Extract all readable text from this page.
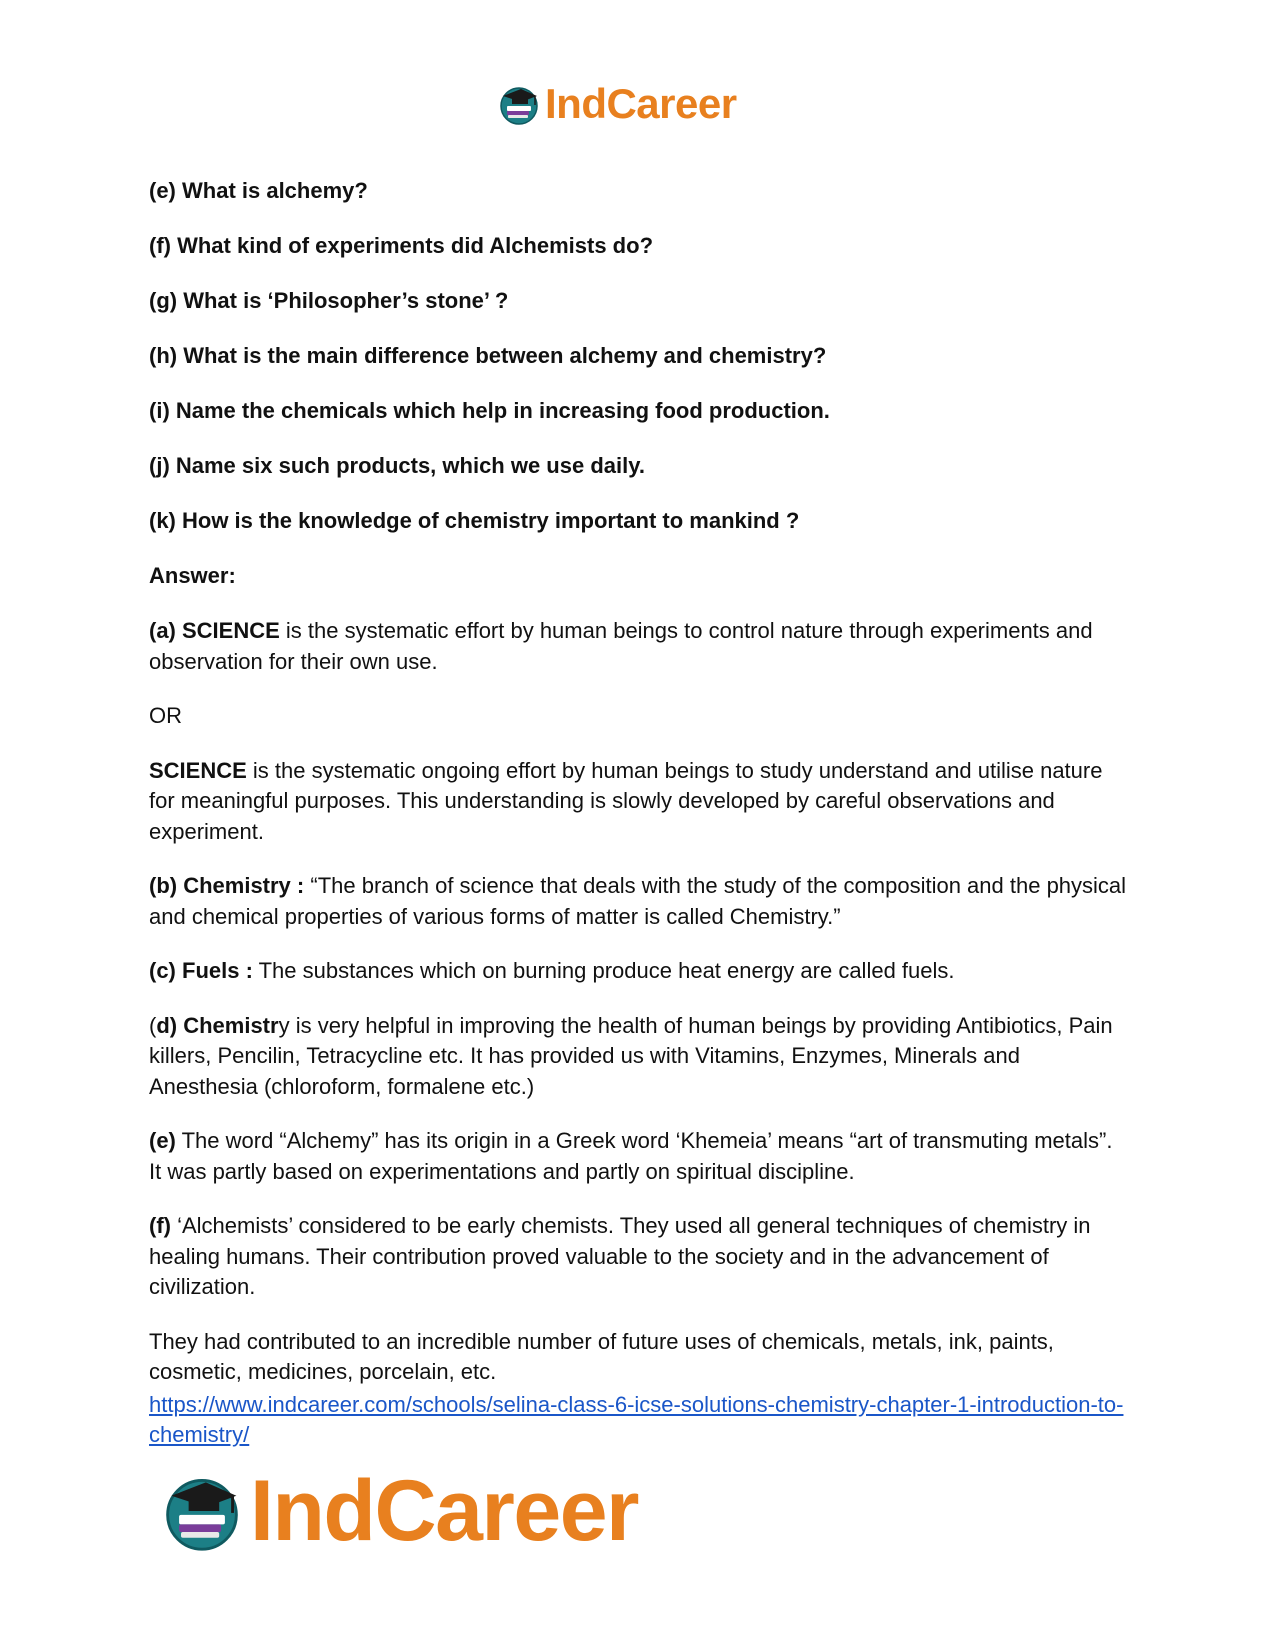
IndCareer
(e) What is alchemy?
(f) What kind of experiments did Alchemists do?
(g) What is ‘Philosopher’s stone’ ?
(h) What is the main difference between alchemy and chemistry?
(i) Name the chemicals which help in increasing food production.
(j) Name six such products, which we use daily.
(k) How is the knowledge of chemistry important to mankind ?
Answer:

(a) SCIENCE is the systematic effort by human beings to control nature through experiments and observation for their own use.

OR

SCIENCE is the systematic ongoing effort by human beings to study understand and utilise nature for meaningful purposes. This understanding is slowly developed by careful observations and experiment.

(b) Chemistry : “The branch of science that deals with the study of the composition and the physical and chemical properties of various forms of matter is called Chemistry.”

(c) Fuels : The substances which on burning produce heat energy are called fuels.

(d) Chemistry is very helpful in improving the health of human beings by providing Antibiotics, Pain killers, Pencilin, Tetracycline etc. It has provided us with Vitamins, Enzymes, Minerals and Anesthesia (chloroform, formalene etc.)

(e) The word “Alchemy” has its origin in a Greek word ‘Khemeia’ means “art of transmuting metals”. It was partly based on experimentations and partly on spiritual discipline.

(f) ‘Alchemists’ considered to be early chemists. They used all general techniques of chemistry in healing humans. Their contribution proved valuable to the society and in the advancement of civilization.

They had contributed to an incredible number of future uses of chemicals, metals, ink, paints, cosmetic, medicines, porcelain, etc.

https://www.indcareer.com/schools/selina-class-6-icse-solutions-chemistry-chapter-1-introduction-to-chemistry/
IndCareer
